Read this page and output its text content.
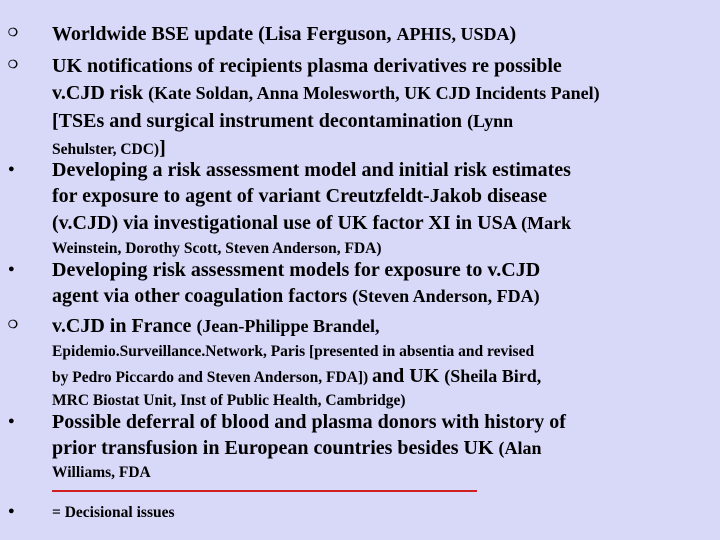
❍ Worldwide BSE update (Lisa Ferguson, APHIS, USDA)
❍ UK notifications of recipients plasma derivatives re possible
v.CJD risk (Kate Soldan, Anna Molesworth, UK CJD Incidents Panel)
[TSEs and surgical instrument decontamination (Lynn
Sehulster, CDC)]
● Developing a risk assessment model and initial risk estimates
for exposure to agent of variant Creutzfeldt-Jakob disease
(v.CJD) via investigational use of UK factor XI in USA (Mark
Weinstein, Dorothy Scott, Steven Anderson, FDA)
● Developing risk assessment models for exposure to v.CJD
agent via other coagulation factors (Steven Anderson, FDA)
❍ v.CJD in France (Jean-Philippe Brandel,
Epidemio.Surveillance.Network, Paris [presented in absentia and revised
by Pedro Piccardo and Steven Anderson, FDA]) and UK (Sheila Bird,
MRC Biostat Unit, Inst of Public Health, Cambridge)
● Possible deferral of blood and plasma donors with history of
prior transfusion in European countries besides UK (Alan
Williams, FDA
● = Decisional issues
